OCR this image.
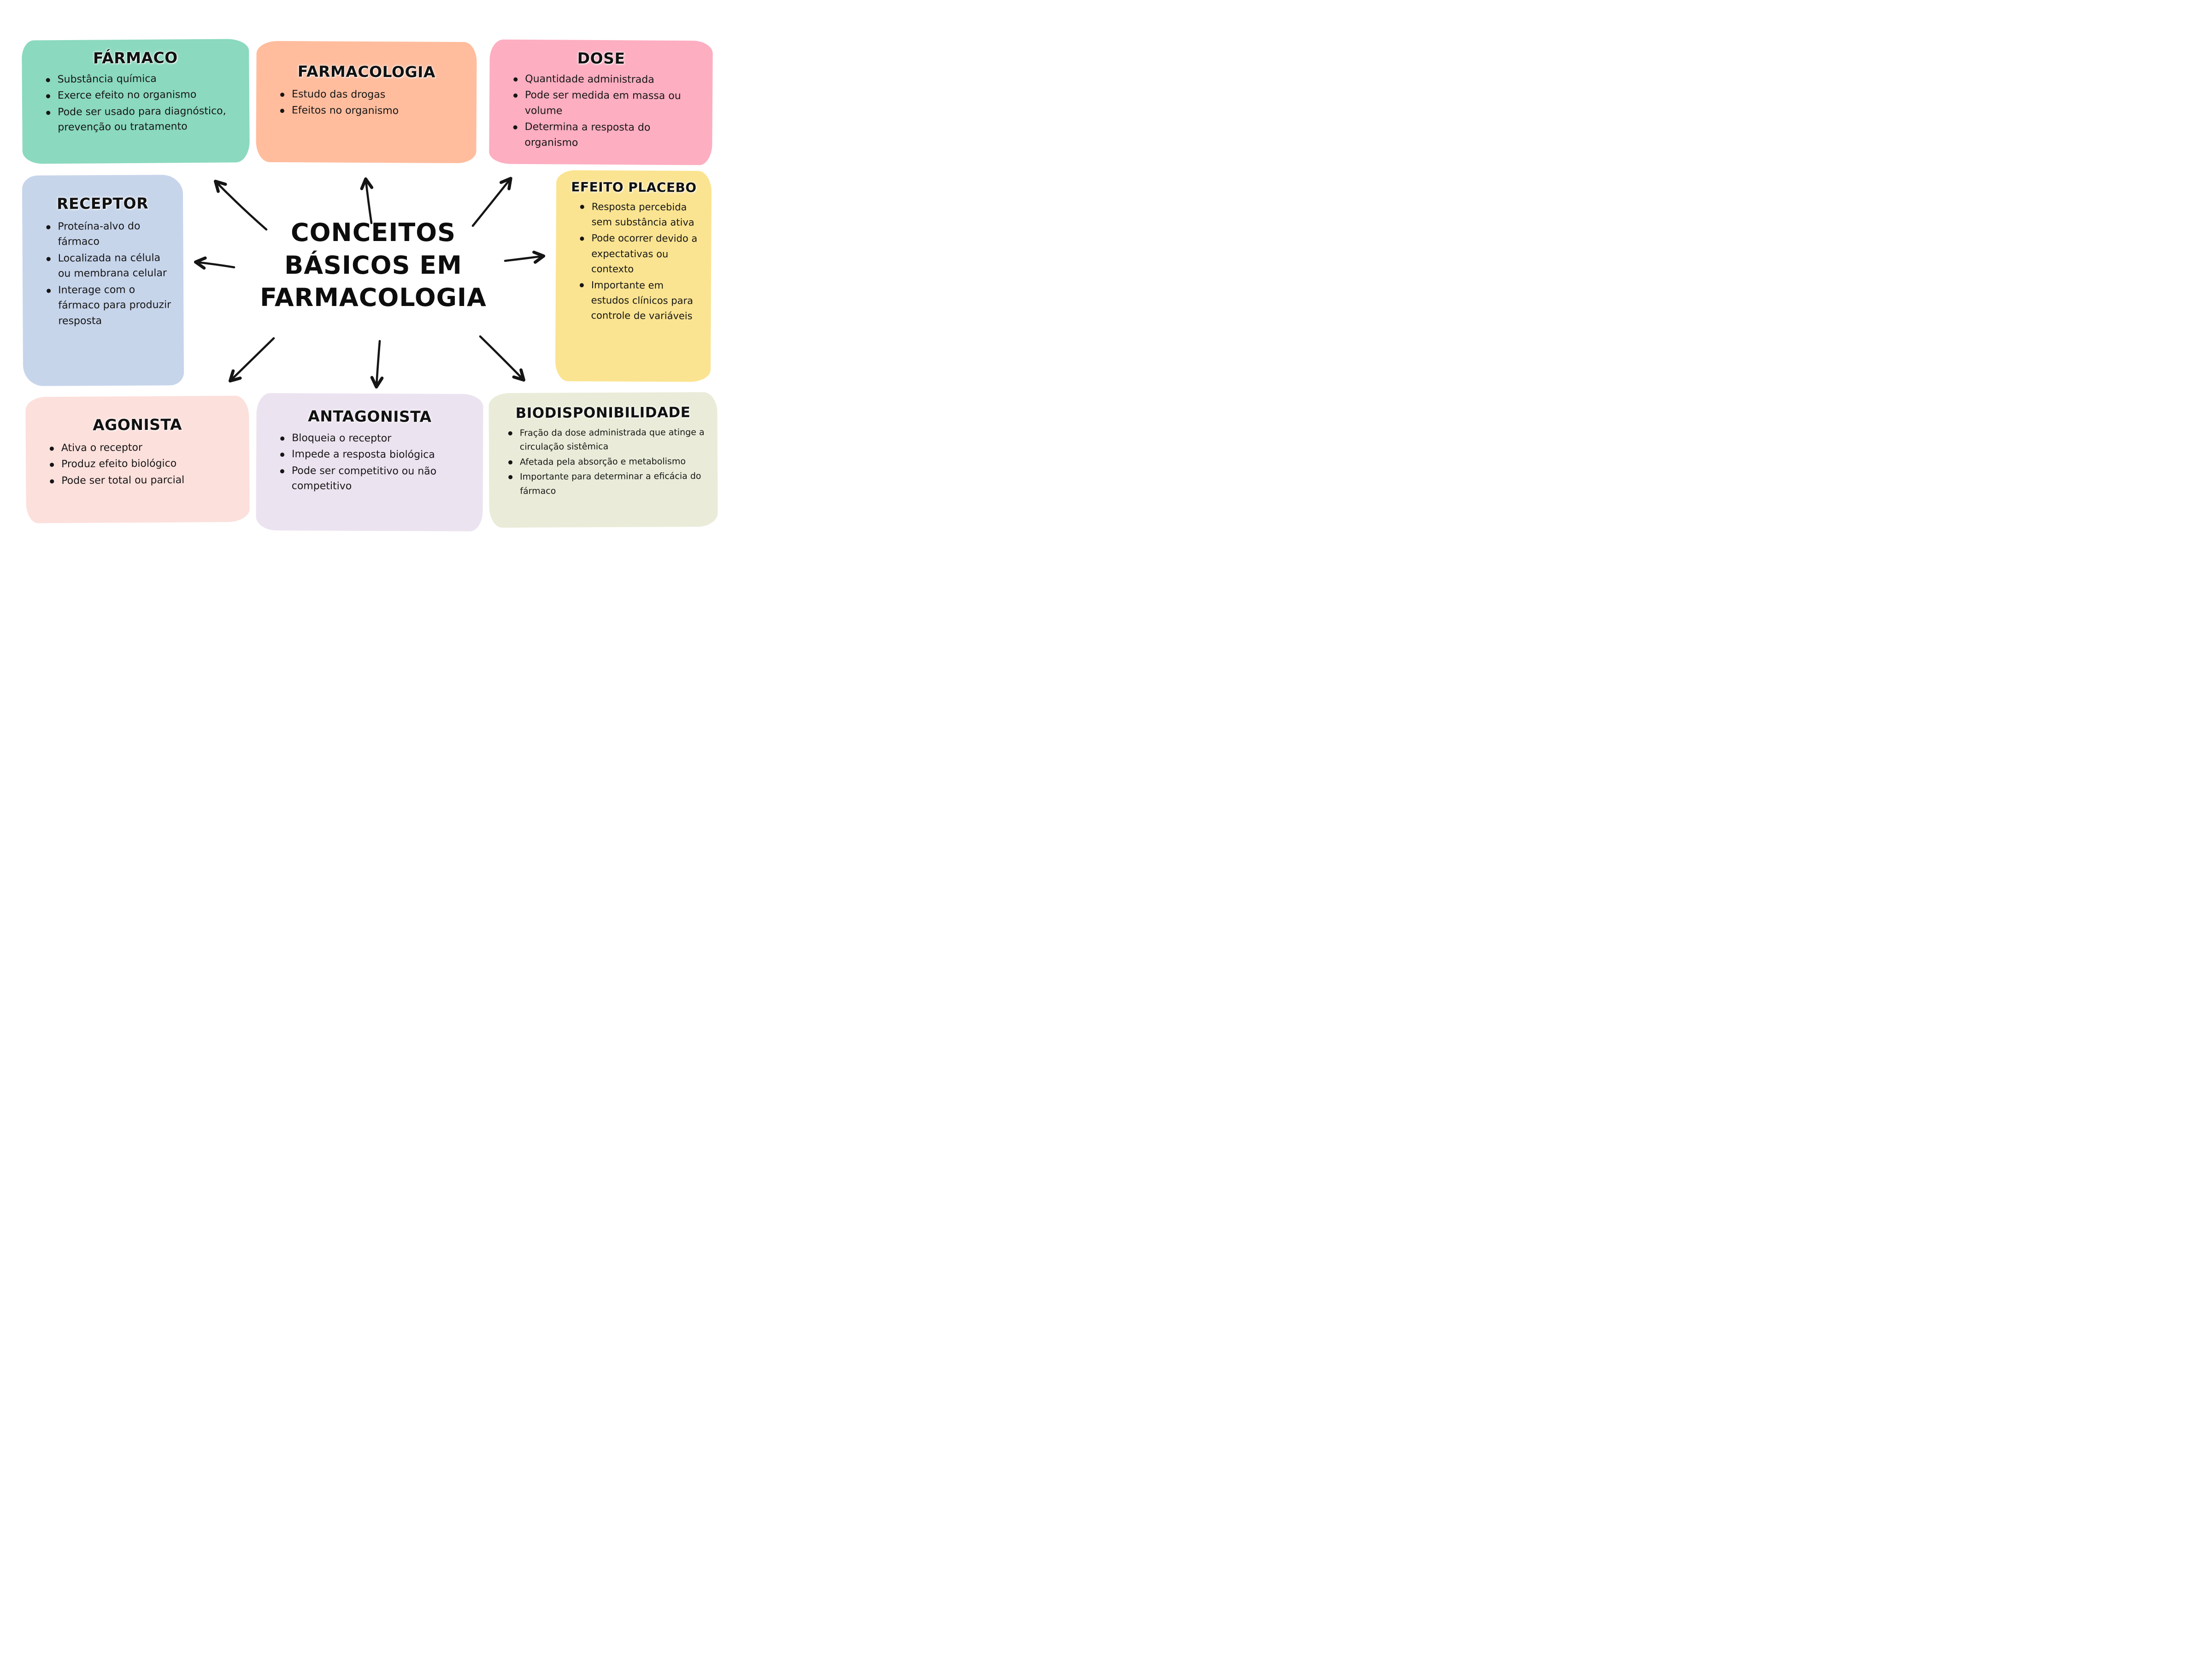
FÁRMACO
Substância química
Exerce efeito no organismo
Pode ser usado para diagnóstico, prevenção ou tratamento
FARMACOLOGIA
Estudo das drogas
Efeitos no organismo
DOSE
Quantidade administrada
Pode ser medida em massa ou volume
Determina a resposta do organismo
RECEPTOR
Proteína-alvo do fármaco
Localizada na célula ou membrana celular
Interage com o fármaco para produzir resposta
EFEITO PLACEBO
Resposta percebida sem substância ativa
Pode ocorrer devido a expectativas ou contexto
Importante em estudos clínicos para controle de variáveis
AGONISTA
Ativa o receptor
Produz efeito biológico
Pode ser total ou parcial
ANTAGONISTA
Bloqueia o receptor
Impede a resposta biológica
Pode ser competitivo ou não competitivo
BIODISPONIBILIDADE
Fração da dose administrada que atinge a circulação sistêmica
Afetada pela absorção e metabolismo
Importante para determinar a eficácia do fármaco
CONCEITOS
BÁSICOS EM
FARMACOLOGIA
